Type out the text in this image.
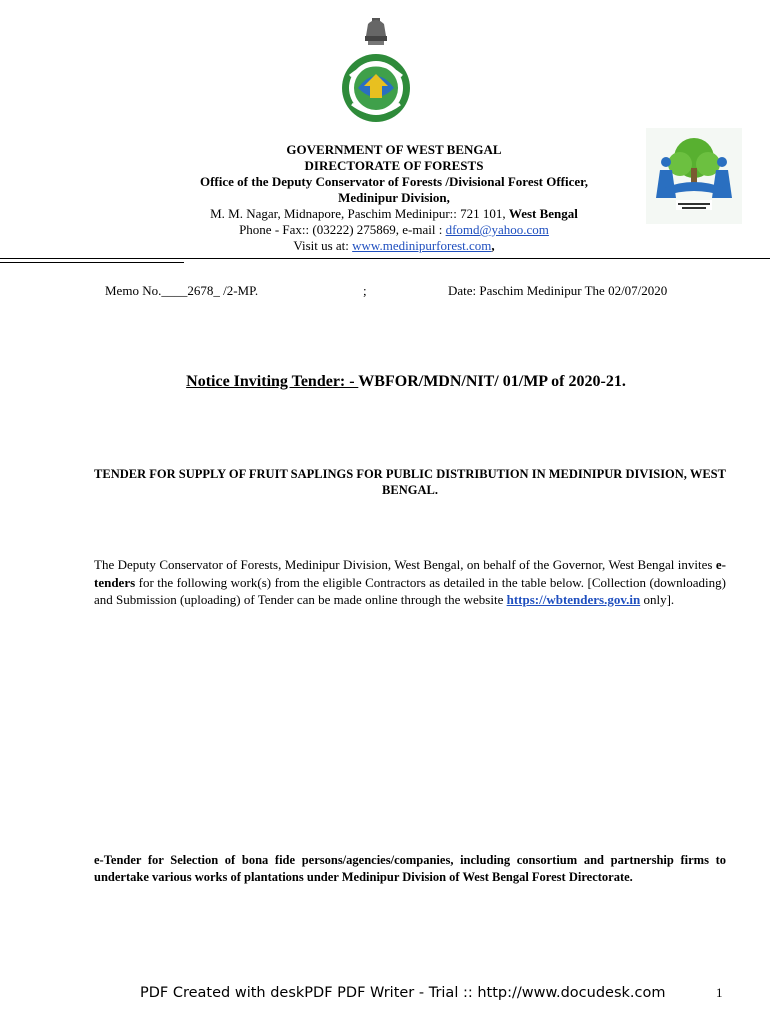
GOVERNMENT OF WEST BENGAL
DIRECTORATE OF FORESTS
Office of the Deputy Conservator of Forests /Divisional Forest Officer,
Medinipur Division,
M. M. Nagar, Midnapore, Paschim Medinipur:: 721 101, West Bengal
Phone - Fax:: (03222) 275869, e-mail : dfomd@yahoo.com
Visit us at: www.medinipurforest.com,
Memo No.____2678_ /2-MP.	;	Date: Paschim Medinipur The 02/07/2020
Notice Inviting Tender: - WBFOR/MDN/NIT/ 01/MP of 2020-21.
TENDER FOR SUPPLY OF FRUIT SAPLINGS FOR PUBLIC DISTRIBUTION IN MEDINIPUR DIVISION, WEST BENGAL.
The Deputy Conservator of Forests, Medinipur Division, West Bengal, on behalf of the Governor, West Bengal invites e-tenders for the following work(s) from the eligible Contractors as detailed in the table below. [Collection (downloading) and Submission (uploading) of Tender can be made online through the website https://wbtenders.gov.in only].
e-Tender for Selection of bona fide persons/agencies/companies, including consortium and partnership firms to undertake various works of plantations under Medinipur Division of West Bengal Forest Directorate.
PDF Created with deskPDF PDF Writer - Trial :: http://www.docudesk.com	1
